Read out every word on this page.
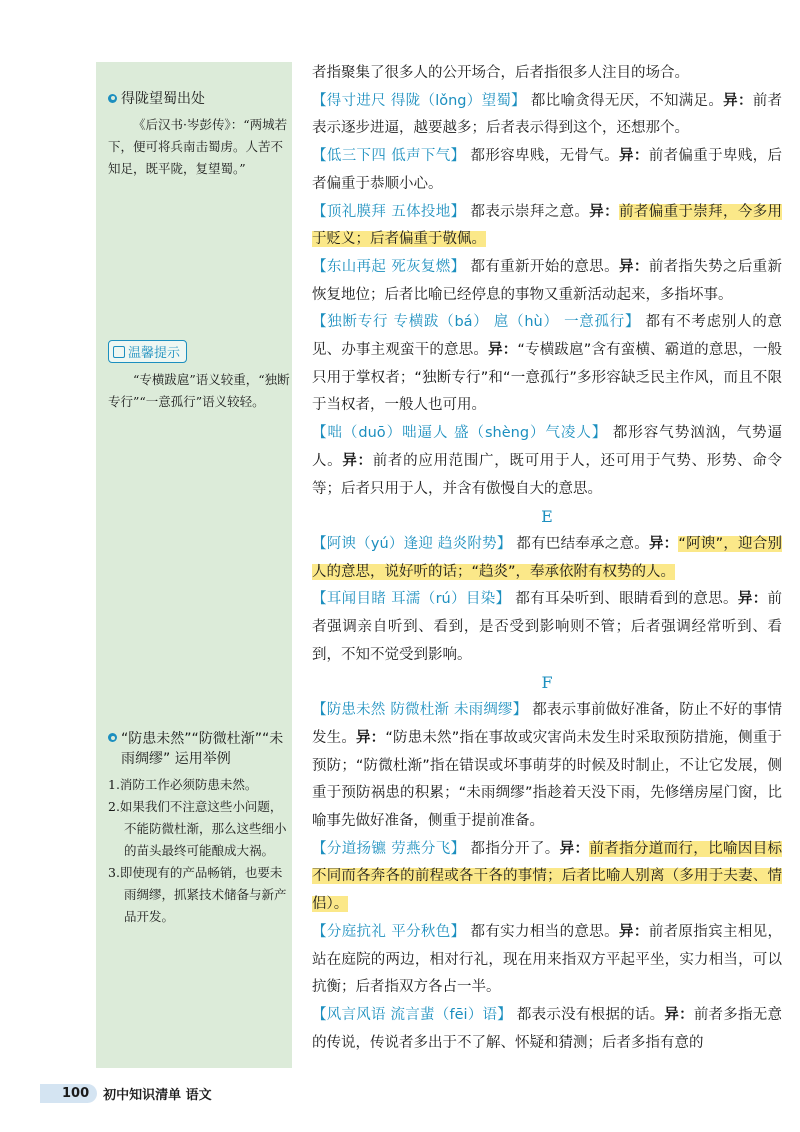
得陇望蜀出处

《后汉书·岑彭传》：“两城若下，便可将兵南击蜀虏。人苦不知足，既平陇，复望蜀。”

温馨提示

“专横跋扈”语义较重，“独断专行”“一意孤行”语义较轻。

“防患未然”“防微杜渐”“未雨绸缪” 运用举例
1.消防工作必须防患未然。
2.如果我们不注意这些小问题，不能防微杜渐，那么这些细小的苗头最终可能酿成大祸。
3.即使现有的产品畅销，也要未雨绸缪，抓紧技术储备与新产品开发。

者指聚集了很多人的公开场合，后者指很多人注目的场合。

【得寸进尺 得陇（lǒng）望蜀】 都比喻贪得无厌，不知满足。异：前者表示逐步进逼，越要越多；后者表示得到这个，还想那个。

【低三下四 低声下气】 都形容卑贱，无骨气。异：前者偏重于卑贱，后者偏重于恭顺小心。

【顶礼膜拜 五体投地】 都表示崇拜之意。异：前者偏重于崇拜，今多用于贬义；后者偏重于敬佩。

【东山再起 死灰复燃】 都有重新开始的意思。异：前者指失势之后重新恢复地位；后者比喻已经停息的事物又重新活动起来，多指坏事。

【独断专行 专横跋（bá） 扈（hù） 一意孤行】 都有不考虑别人的意见、办事主观蛮干的意思。异：“专横跋扈”含有蛮横、霸道的意思，一般只用于掌权者；“独断专行”和“一意孤行”多形容缺乏民主作风，而且不限于当权者，一般人也可用。

【咄（duō）咄逼人 盛（shèng）气凌人】 都形容气势汹汹，气势逼人。异：前者的应用范围广，既可用于人，还可用于气势、形势、命令等；后者只用于人，并含有傲慢自大的意思。

E

【阿谀（yú）逢迎 趋炎附势】 都有巴结奉承之意。异：“阿谀”，迎合别人的意思，说好听的话；“趋炎”，奉承依附有权势的人。

【耳闻目睹 耳濡（rú）目染】 都有耳朵听到、眼睛看到的意思。异：前者强调亲自听到、看到，是否受到影响则不管；后者强调经常听到、看到，不知不觉受到影响。

F

【防患未然 防微杜渐 未雨绸缪】 都表示事前做好准备，防止不好的事情发生。异：“防患未然”指在事故或灾害尚未发生时采取预防措施，侧重于预防；“防微杜渐”指在错误或坏事萌芽的时候及时制止，不让它发展，侧重于预防祸患的积累；“未雨绸缪”指趁着天没下雨，先修缮房屋门窗，比喻事先做好准备，侧重于提前准备。

【分道扬镳 劳燕分飞】 都指分开了。异：前者指分道而行，比喻因目标不同而各奔各的前程或各干各的事情；后者比喻人别离（多用于夫妻、情侣）。

【分庭抗礼 平分秋色】 都有实力相当的意思。异：前者原指宾主相见，站在庭院的两边，相对行礼，现在用来指双方平起平坐，实力相当，可以抗衡；后者指双方各占一半。

【风言风语 流言蜚（fēi）语】 都表示没有根据的话。异：前者多指无意的传说，传说者多出于不了解、怀疑和猜测；后者多指有意的

100	初中知识清单 语文
